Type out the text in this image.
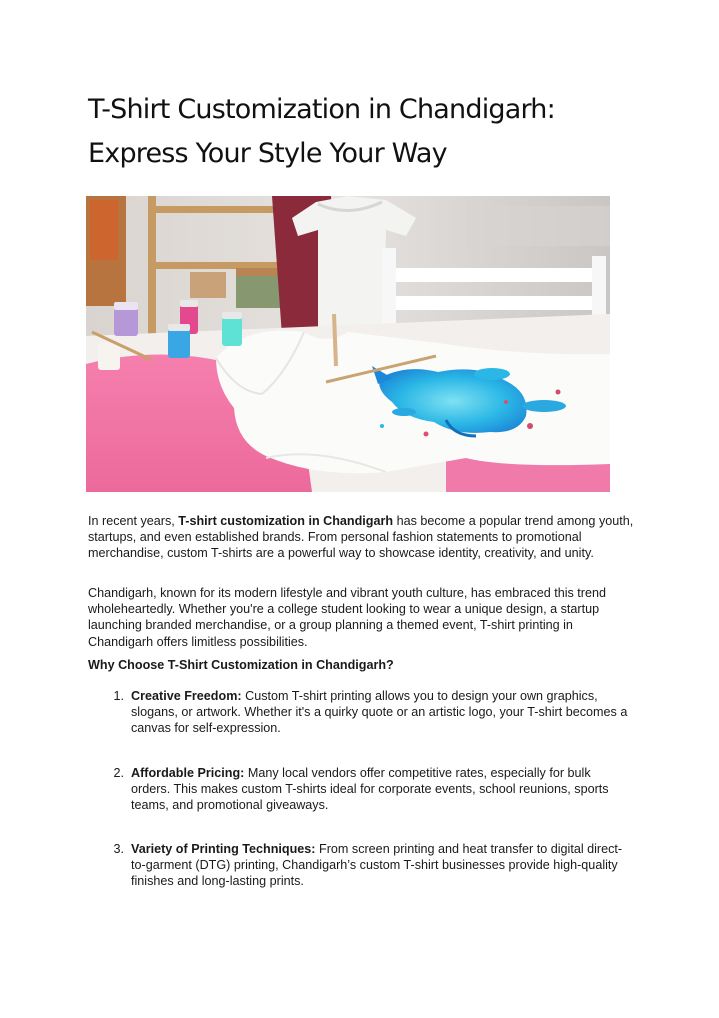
T-Shirt Customization in Chandigarh:
Express Your Style Your Way

In recent years, T-shirt customization in Chandigarh has become a popular trend among youth, startups, and even established brands. From personal fashion statements to promotional merchandise, custom T-shirts are a powerful way to showcase identity, creativity, and unity.

Chandigarh, known for its modern lifestyle and vibrant youth culture, has embraced this trend wholeheartedly. Whether you're a college student looking to wear a unique design, a startup launching branded merchandise, or a group planning a themed event, T-shirt printing in Chandigarh offers limitless possibilities.

Why Choose T-Shirt Customization in Chandigarh?

1. Creative Freedom: Custom T-shirt printing allows you to design your own graphics, slogans, or artwork. Whether it's a quirky quote or an artistic logo, your T-shirt becomes a canvas for self-expression.
2. Affordable Pricing: Many local vendors offer competitive rates, especially for bulk orders. This makes custom T-shirts ideal for corporate events, school reunions, sports teams, and promotional giveaways.
3. Variety of Printing Techniques: From screen printing and heat transfer to digital direct-to-garment (DTG) printing, Chandigarh’s custom T-shirt businesses provide high-quality finishes and long-lasting prints.
